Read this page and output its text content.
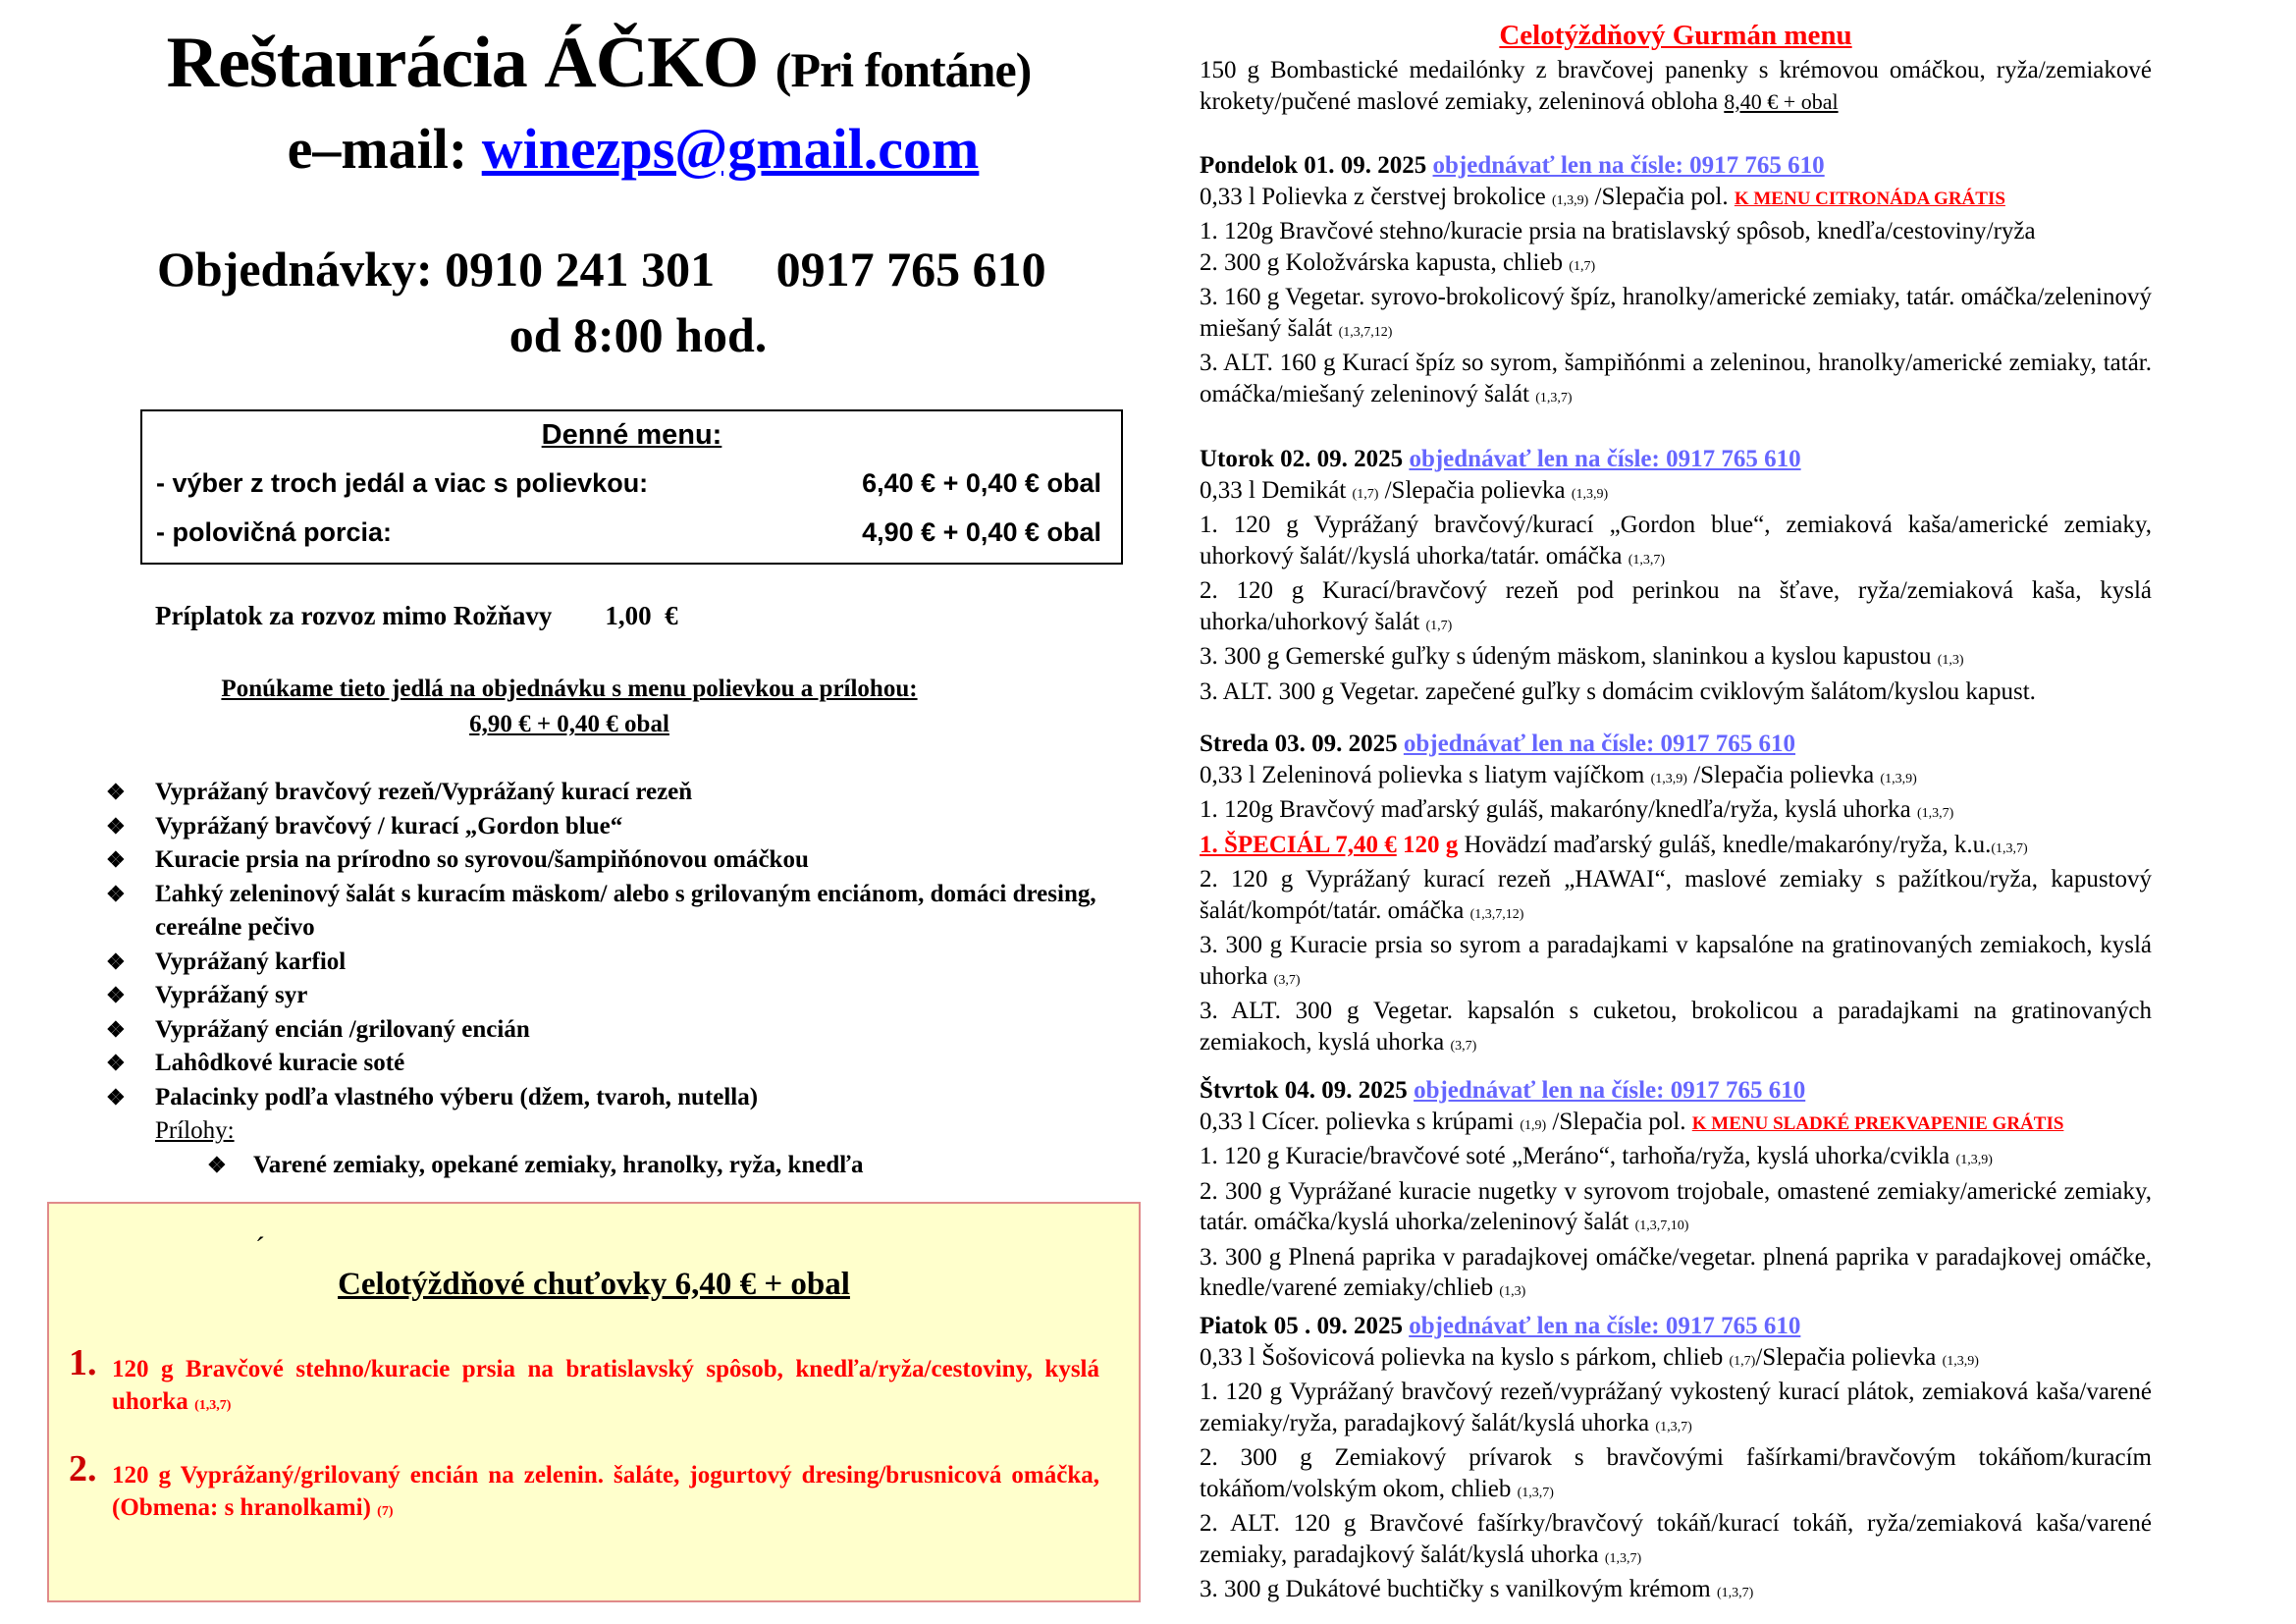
Reštaurácia ÁČKO (Pri fontáne)
e–mail: winezps@gmail.com
Objednávky: 0910 241 301     0917 765 610
od 8:00 hod.
Denné menu:
- výber z troch jedál a viac s polievkou:	6,40 € + 0,40 € obal
- polovičná porcia:	4,90 € + 0,40 € obal
Príplatok za rozvoz mimo Rožňavy        1,00  €
Ponúkame tieto jedlá na objednávku s menu polievkou a prílohou:
6,90 € + 0,40 € obal
❖ Vyprážaný bravčový rezeň/Vyprážaný kurací rezeň
❖ Vyprážaný bravčový / kurací „Gordon blue“
❖ Kuracie prsia na prírodno so syrovou/šampiňónovou omáčkou
❖ Ľahký zeleninový šalát s kuracím mäskom/ alebo s grilovaným enciánom, domáci dresing, cereálne pečivo
❖ Vyprážaný karfiol
❖ Vyprážaný syr
❖ Vyprážaný encián /grilovaný encián
❖ Lahôdkové kuracie soté
❖ Palacinky podľa vlastného výberu (džem, tvaroh, nutella)
Prílohy:
❖ Varené zemiaky, opekané zemiaky, hranolky, ryža, knedľa
´
Celotýždňové chuťovky 6,40 € + obal
1. 120 g Bravčové stehno/kuracie prsia na bratislavský spôsob, knedľa/ryža/cestoviny, kyslá uhorka (1,3,7)
2. 120 g Vyprážaný/grilovaný encián na zelenin. šaláte, jogurtový dresing/brusnicová omáčka, (Obmena: s hranolkami) (7)
Celotýždňový Gurmán menu
150 g Bombastické medailónky z bravčovej panenky s krémovou omáčkou, ryža/zemiakové krokety/pučené maslové zemiaky, zeleninová obloha 8,40 € + obal
Pondelok 01. 09. 2025 objednávať len na čísle: 0917 765 610
0,33 l Polievka z čerstvej brokolice (1,3,9) /Slepačia pol. K MENU CITRONÁDA GRÁTIS
1. 120g Bravčové stehno/kuracie prsia na bratislavský spôsob, knedľa/cestoviny/ryža
2. 300 g Koložvárska kapusta, chlieb (1,7)
3. 160 g Vegetar. syrovo-brokolicový špíz, hranolky/americké zemiaky, tatár. omáčka/zeleninový miešaný šalát (1,3,7,12)
3. ALT. 160 g Kurací špíz so syrom, šampiňónmi a zeleninou, hranolky/americké zemiaky, tatár. omáčka/miešaný zeleninový šalát (1,3,7)
Utorok 02. 09. 2025 objednávať len na čísle: 0917 765 610
0,33 l Demikát (1,7) /Slepačia polievka (1,3,9)
1. 120 g Vyprážaný bravčový/kurací „Gordon blue“, zemiaková kaša/americké zemiaky, uhorkový šalát//kyslá uhorka/tatár. omáčka (1,3,7)
2. 120 g Kurací/bravčový rezeň pod perinkou na šťave, ryža/zemiaková kaša, kyslá uhorka/uhorkový šalát (1,7)
3. 300 g Gemerské guľky s údeným mäskom, slaninkou a kyslou kapustou (1,3)
3. ALT. 300 g Vegetar. zapečené guľky s domácim cviklovým šalátom/kyslou kapust.
Streda 03. 09. 2025 objednávať len na čísle: 0917 765 610
0,33 l Zeleninová polievka s liatym vajíčkom (1,3,9) /Slepačia polievka (1,3,9)
1. 120g Bravčový maďarský guláš, makaróny/knedľa/ryža, kyslá uhorka (1,3,7)
1. ŠPECIÁL 7,40 € 120 g Hovädzí maďarský guláš, knedle/makaróny/ryža, k.u.(1,3,7)
2. 120 g Vyprážaný kurací rezeň „HAWAI“, maslové zemiaky s pažítkou/ryža, kapustový šalát/kompót/tatár. omáčka (1,3,7,12)
3. 300 g Kuracie prsia so syrom a paradajkami v kapsalóne na gratinovaných zemiakoch, kyslá uhorka (3,7)
3. ALT. 300 g Vegetar. kapsalón s cuketou, brokolicou a paradajkami na gratinovaných zemiakoch, kyslá uhorka (3,7)
Štvrtok 04. 09. 2025 objednávať len na čísle: 0917 765 610
0,33 l Cícer. polievka s krúpami (1,9) /Slepačia pol. K MENU SLADKÉ PREKVAPENIE GRÁTIS
1. 120 g Kuracie/bravčové soté „Meráno“, tarhoňa/ryža, kyslá uhorka/cvikla (1,3,9)
2. 300 g Vyprážané kuracie nugetky v syrovom trojobale, omastené zemiaky/americké zemiaky, tatár. omáčka/kyslá uhorka/zeleninový šalát (1,3,7,10)
3. 300 g Plnená paprika v paradajkovej omáčke/vegetar. plnená paprika v paradajkovej omáčke, knedle/varené zemiaky/chlieb (1,3)
Piatok 05 . 09. 2025 objednávať len na čísle: 0917 765 610
0,33 l Šošovicová polievka na kyslo s párkom, chlieb (1,7)/Slepačia polievka (1,3,9)
1. 120 g Vyprážaný bravčový rezeň/vyprážaný vykostený kurací plátok, zemiaková kaša/varené zemiaky/ryža, paradajkový šalát/kyslá uhorka (1,3,7)
2. 300 g Zemiakový prívarok s bravčovými fašírkami/bravčovým tokáňom/kuracím tokáňom/volským okom, chlieb (1,3,7)
2. ALT. 120 g Bravčové fašírky/bravčový tokáň/kurací tokáň, ryža/zemiaková kaša/varené zemiaky, paradajkový šalát/kyslá uhorka (1,3,7)
3. 300 g Dukátové buchtičky s vanilkovým krémom (1,3,7)
